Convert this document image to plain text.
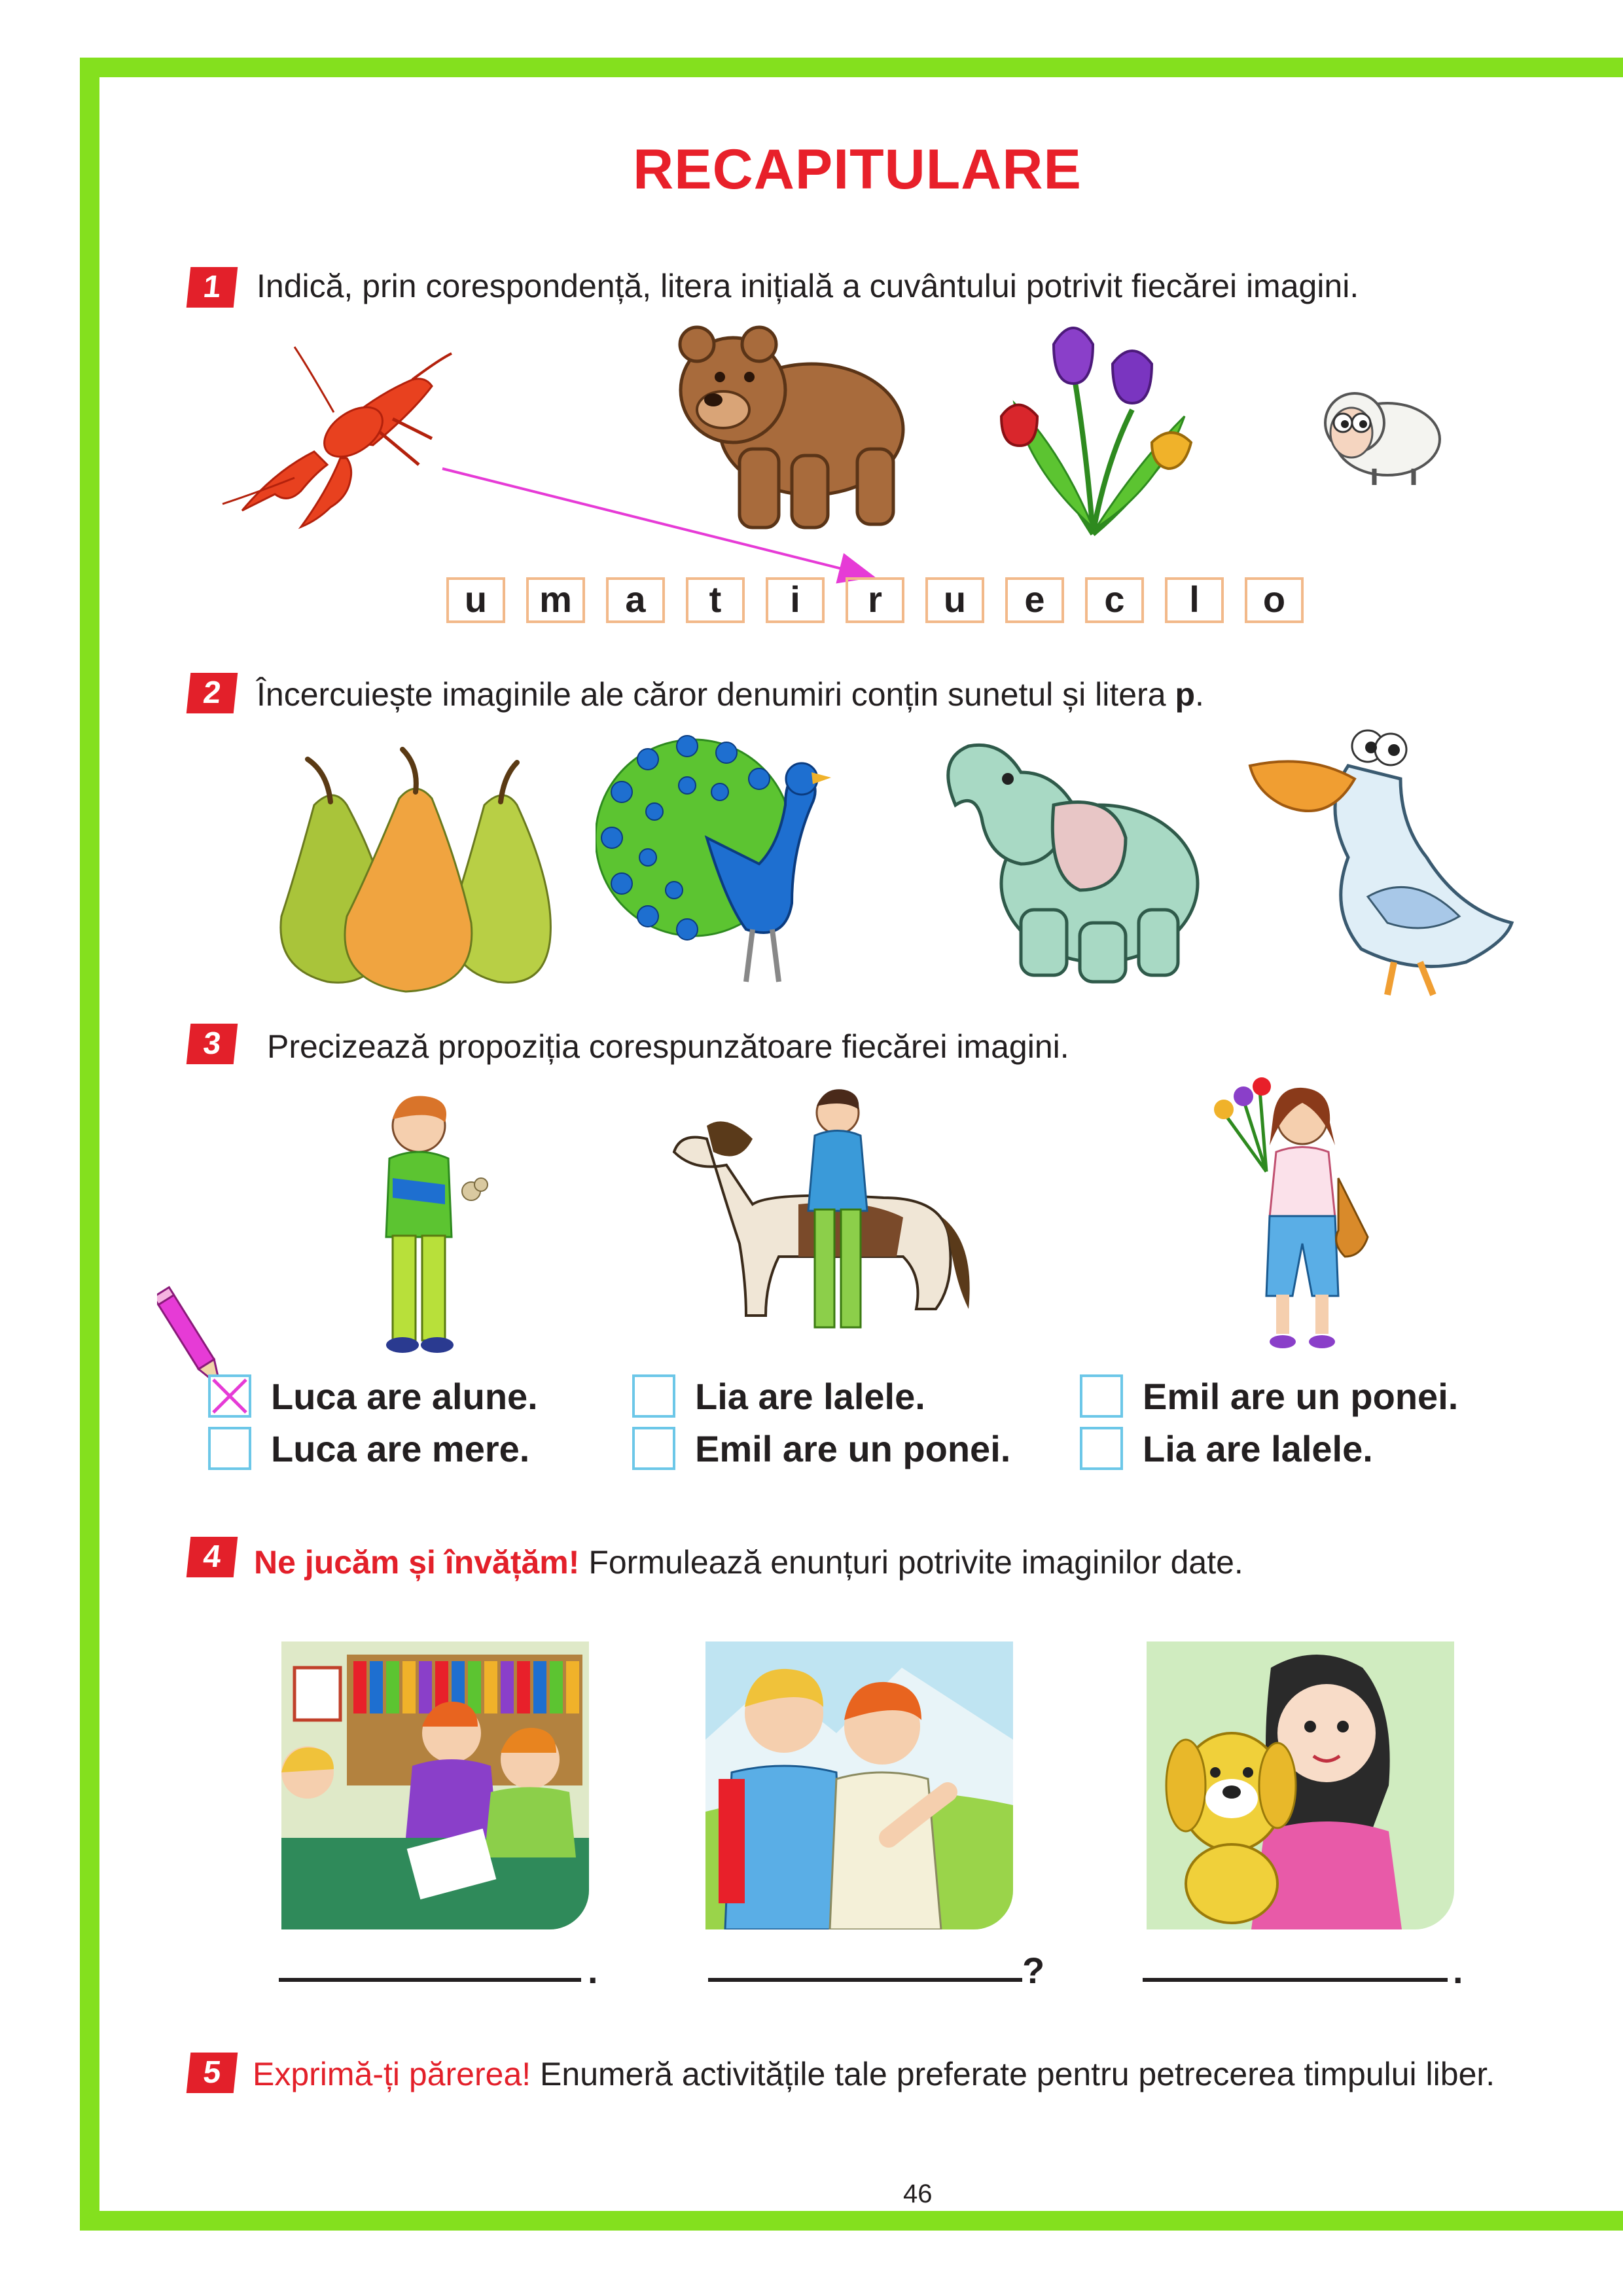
RECAPITULARE
1	Indică, prin corespondență, litera inițială a cuvântului potrivit fiecărei imagini.
u	m	a	t	i	r	u	e	c	l	o
2	Încercuiește imaginile ale căror denumiri conțin sunetul și litera p.
3	Precizează propoziția corespunzătoare fiecărei imagini.
Luca are alune.
Luca are mere.
Lia are lalele.
Emil are un ponei.
Emil are un ponei.
Lia are lalele.
4 Ne jucăm și învățăm! Formulează enunțuri potrivite imaginilor date.
.	?	.
5 Exprimă-ți părerea! Enumeră activitățile tale preferate pentru petrecerea timpului liber.
46
